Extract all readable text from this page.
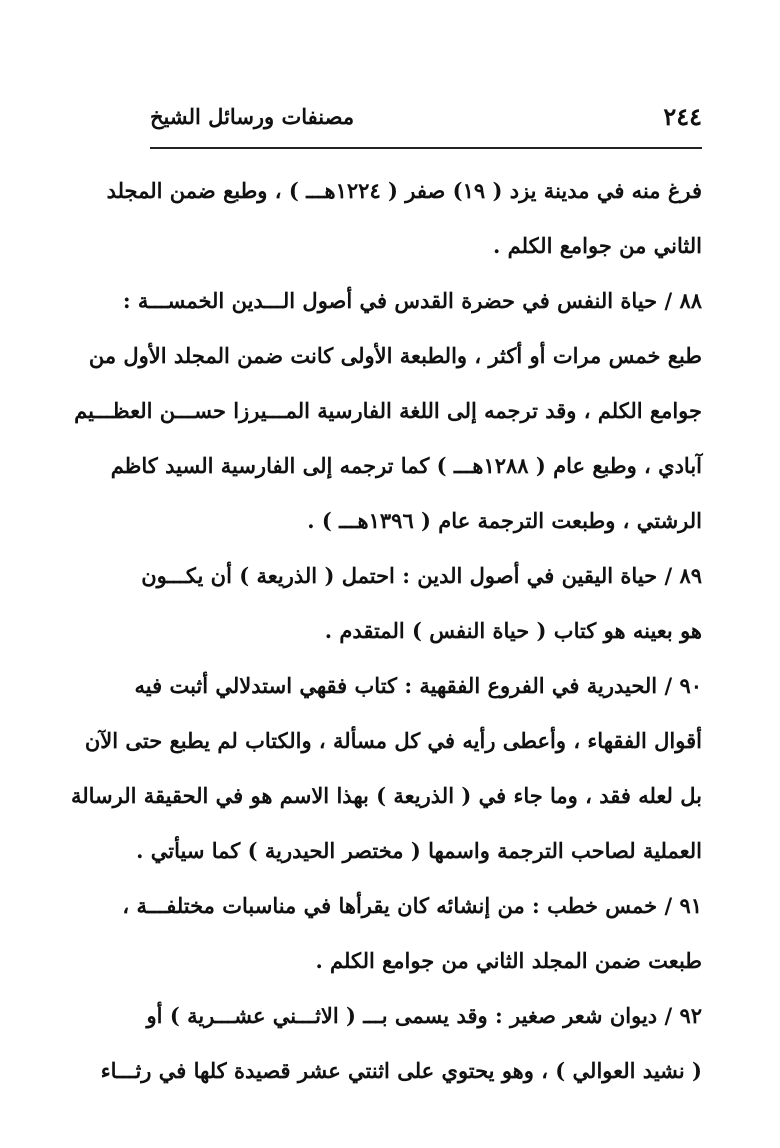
٢٤٤
مصنفات ورسائل الشيخ
فرغ منه في مدينة يزد ( ١٩) صفر ( ١٢٢٤هـــ ) ، وطبع ضمن المجلد
الثاني من جوامع الكلم .
٨٨ / حياة النفس في حضرة القدس في أصول الـــدين الخمســـة :
طبع خمس مرات أو أكثر ، والطبعة الأولى كانت ضمن المجلد الأول من
جوامع الكلم ، وقد ترجمه إلى اللغة الفارسية المـــيرزا حســـن العظـــيم
آبادي ، وطبع عام ( ١٢٨٨هـــ ) كما ترجمه إلى الفارسية السيد كاظم
الرشتي ، وطبعت الترجمة عام ( ١٣٩٦هـــ ) .
٨٩ / حياة اليقين في أصول الدين : احتمل ( الذريعة ) أن يكـــون
هو بعينه هو كتاب ( حياة النفس ) المتقدم .
٩٠ / الحيدرية في الفروع الفقهية : كتاب فقهي استدلالي أثبت فيه
أقوال الفقهاء ، وأعطى رأيه في كل مسألة ، والكتاب لم يطبع حتى الآن
بل لعله فقد ، وما جاء في ( الذريعة ) بهذا الاسم هو في الحقيقة الرسالة
العملية لصاحب الترجمة واسمها ( مختصر الحيدرية ) كما سيأتي .
٩١ / خمس خطب : من إنشائه كان يقرأها في مناسبات مختلفـــة ،
طبعت ضمن المجلد الثاني من جوامع الكلم .
٩٢ / ديوان شعر صغير : وقد يسمى بـــ ( الاثـــني عشـــرية ) أو
( نشيد العوالي ) ، وهو يحتوي على اثنتي عشر قصيدة كلها في رثـــاء
